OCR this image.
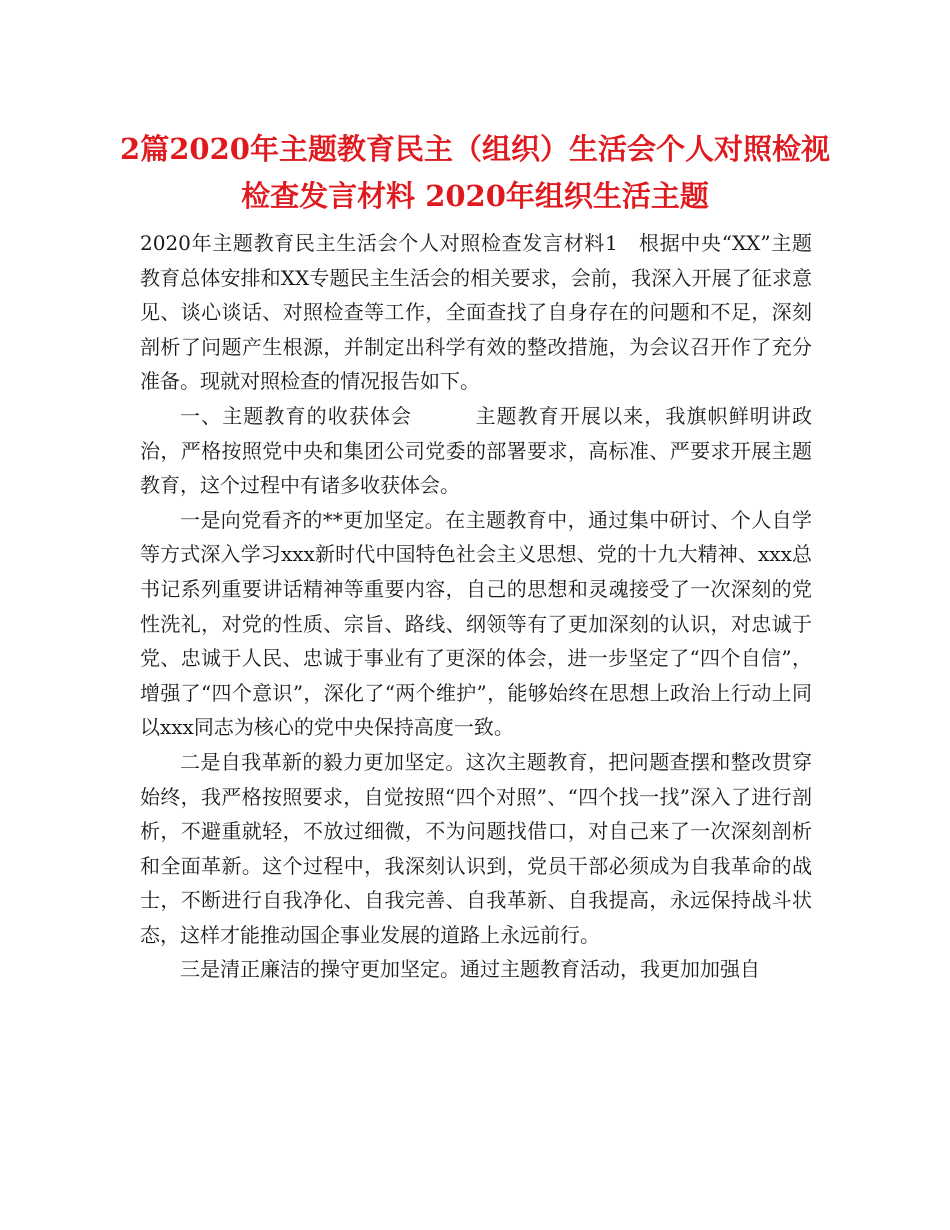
2篇2020年主题教育民主（组织）生活会个人对照检视检查发言材料 2020年组织生活主题

2020年主题教育民主生活会个人对照检查发言材料1　根据中央“XX”主题教育总体安排和XX专题民主生活会的相关要求，会前，我深入开展了征求意见、谈心谈话、对照检查等工作，全面查找了自身存在的问题和不足，深刻剖析了问题产生根源，并制定出科学有效的整改措施，为会议召开作了充分准备。现就对照检查的情况报告如下。

一、主题教育的收获体会　　　主题教育开展以来，我旗帜鲜明讲政治，严格按照党中央和集团公司党委的部署要求，高标准、严要求开展主题教育，这个过程中有诸多收获体会。

一是向党看齐的**更加坚定。在主题教育中，通过集中研讨、个人自学等方式深入学习xxx新时代中国特色社会主义思想、党的十九大精神、xxx总书记系列重要讲话精神等重要内容，自己的思想和灵魂接受了一次深刻的党性洗礼，对党的性质、宗旨、路线、纲领等有了更加深刻的认识，对忠诚于党、忠诚于人民、忠诚于事业有了更深的体会，进一步坚定了“四个自信”，增强了“四个意识”，深化了“两个维护”，能够始终在思想上政治上行动上同以xxx同志为核心的党中央保持高度一致。

二是自我革新的毅力更加坚定。这次主题教育，把问题查摆和整改贯穿始终，我严格按照要求，自觉按照“四个对照”、“四个找一找”深入了进行剖析，不避重就轻，不放过细微，不为问题找借口，对自己来了一次深刻剖析和全面革新。这个过程中，我深刻认识到，党员干部必须成为自我革命的战士，不断进行自我净化、自我完善、自我革新、自我提高，永远保持战斗状态，这样才能推动国企事业发展的道路上永远前行。

三是清正廉洁的操守更加坚定。通过主题教育活动，我更加加强自
